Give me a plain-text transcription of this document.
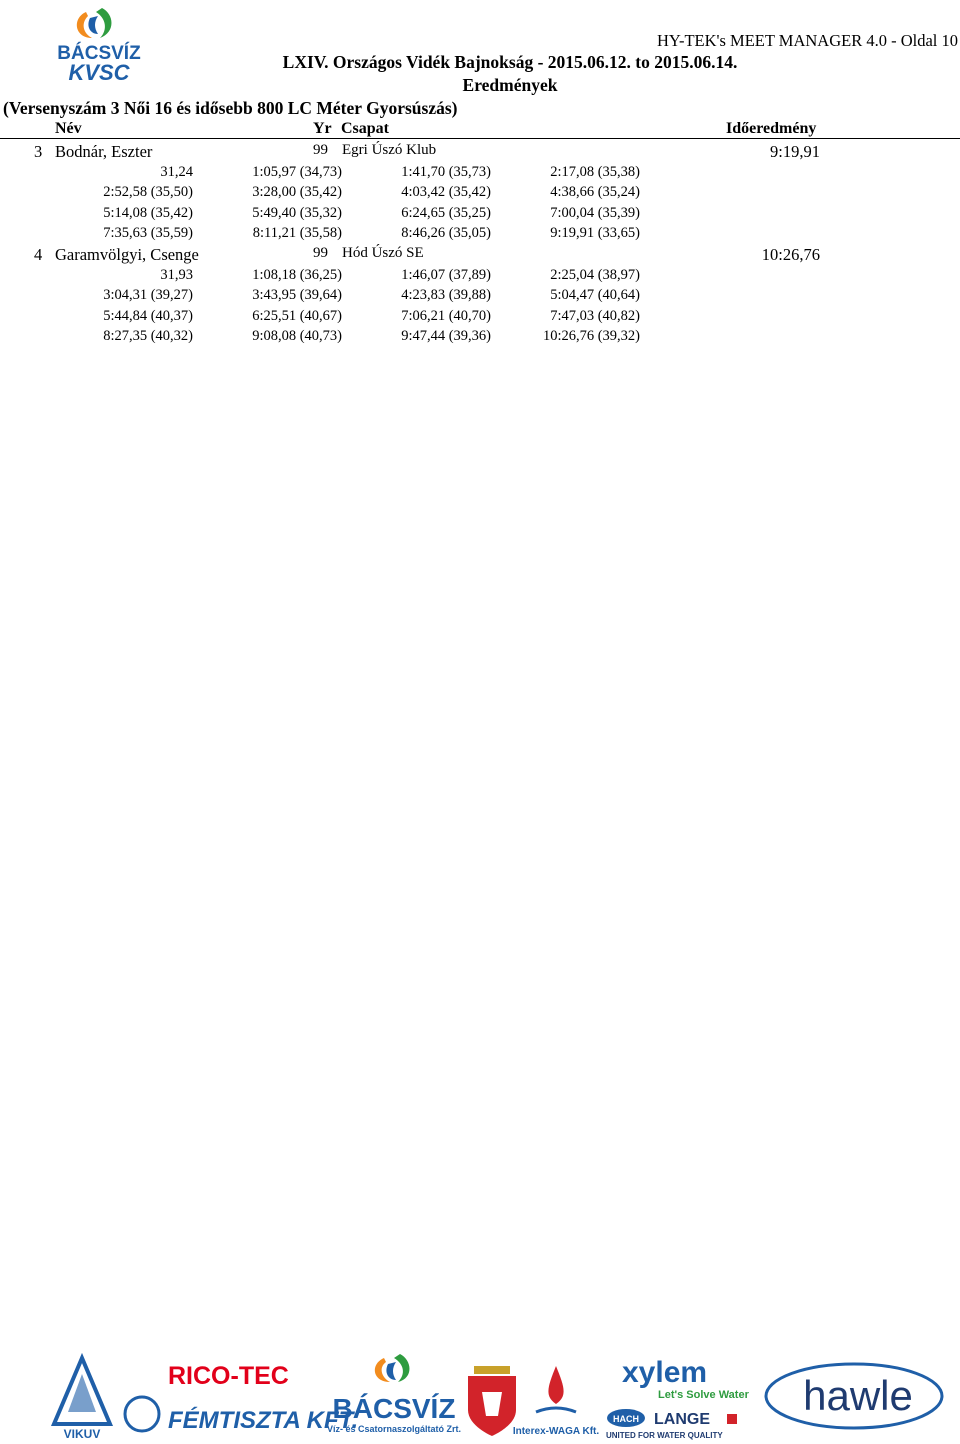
BÁCSVÍZ
KVSC
HY-TEK's MEET MANAGER 4.0 - Oldal 10
LXIV. Országos Vidék Bajnokság - 2015.06.12. to 2015.06.14.
Eredmények
(Versenyszám 3 Női 16 és idősebb 800 LC Méter Gyorsúszás)
Név	Yr Csapat	Időeredmény
3 Bodnár, Eszter	99 Egri Úszó Klub	9:19,91
31,24	1:05,97 (34,73)	1:41,70 (35,73)	2:17,08 (35,38)
2:52,58 (35,50)	3:28,00 (35,42)	4:03,42 (35,42)	4:38,66 (35,24)
5:14,08 (35,42)	5:49,40 (35,32)	6:24,65 (35,25)	7:00,04 (35,39)
7:35,63 (35,59)	8:11,21 (35,58)	8:46,26 (35,05)	9:19,91 (33,65)
4 Garamvölgyi, Csenge	99 Hód Úszó SE	10:26,76
31,93	1:08,18 (36,25)	1:46,07 (37,89)	2:25,04 (38,97)
3:04,31 (39,27)	3:43,95 (39,64)	4:23,83 (39,88)	5:04,47 (40,64)
5:44,84 (40,37)	6:25,51 (40,67)	7:06,21 (40,70)	7:47,03 (40,82)
8:27,35 (40,32)	9:08,08 (40,73)	9:47,44 (39,36)	10:26,76 (39,32)
VIKUV
RICO-TEC
FÉMTISZTA KFT.
BÁCSVÍZ
Víz- és Csatornaszolgáltató Zrt.	Interex-WAGA Kft.
xylem
Let's Solve Water
HACH LANGE
UNITED FOR WATER QUALITY
hawle
